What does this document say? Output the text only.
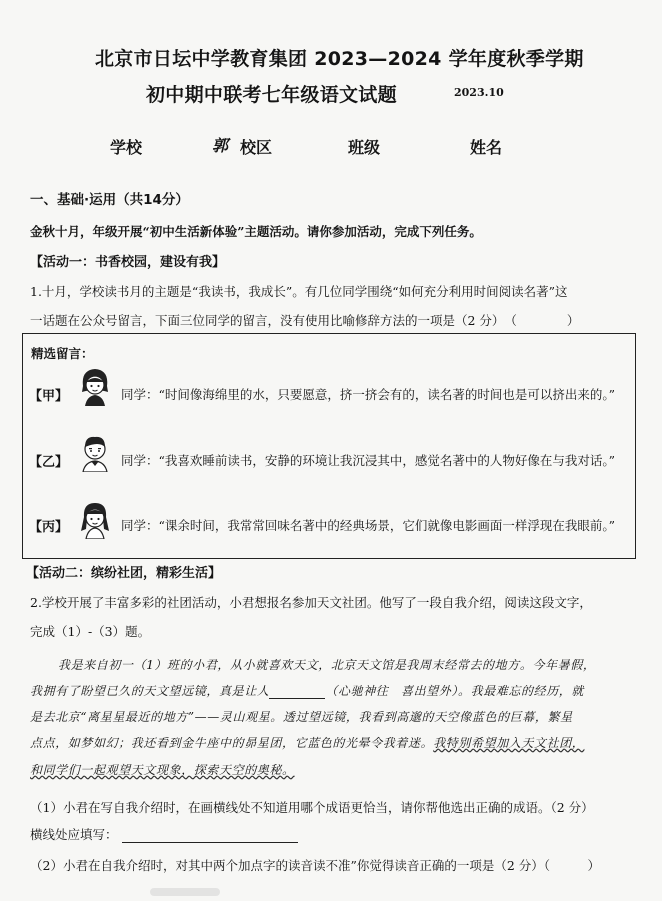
北京市日坛中学教育集团 2023—2024 学年度秋季学期
初中期中联考七年级语文试题	2023.10
学校	郭 校区	班级	姓名
一、基础·运用（共14分）
金秋十月，年级开展“初中生活新体验”主题活动。请你参加活动，完成下列任务。
【活动一：书香校园，建设有我】
1.十月，学校读书月的主题是“我读书，我成长”。有几位同学围绕“如何充分利用时间阅读名著”这
一话题在公众号留言，下面三位同学的留言，没有使用比喻修辞方法的一项是（2 分）　（　　　　）
精选留言：
【甲】	同学：“时间像海绵里的水，只要愿意，挤一挤会有的，读名著的时间也是可以挤出来的。”
【乙】	同学：“我喜欢睡前读书，安静的环境让我沉浸其中，感觉名著中的人物好像在与我对话。”
【丙】	同学：“课余时间，我常常回味名著中的经典场景，它们就像电影画面一样浮现在我眼前。”
【活动二：缤纷社团，精彩生活】
2.学校开展了丰富多彩的社团活动，小君想报名参加天文社团。他写了一段自我介绍，阅读这段文字，
完成（1）-（3）题。
我是来自初一（1）班的小君，从小就喜欢天文，北京天文馆是我周末经常去的地方。今年暑假，
我拥有了盼望已久的天文望远镜，真是让人	（心驰神往　喜出望外）。我最难忘的经历，就
是去北京“离星星最近的地方”——灵山观星。透过望远镜，我看到高邈的天空像蓝色的巨幕，繁星
点点，如梦如幻；我还看到金牛座中的昴星团，它蓝色的光晕令我着迷。我特别希望加入天文社团，
和同学们一起观望天文现象，探索天空的奥秘。
（1）小君在写自我介绍时，在画横线处不知道用哪个成语更恰当，请你帮他选出正确的成语。（2 分）
横线处应填写：
（2）小君在自我介绍时，对其中两个加点字的读音读不准”你觉得读音正确的一项是（2 分）（　　　）
